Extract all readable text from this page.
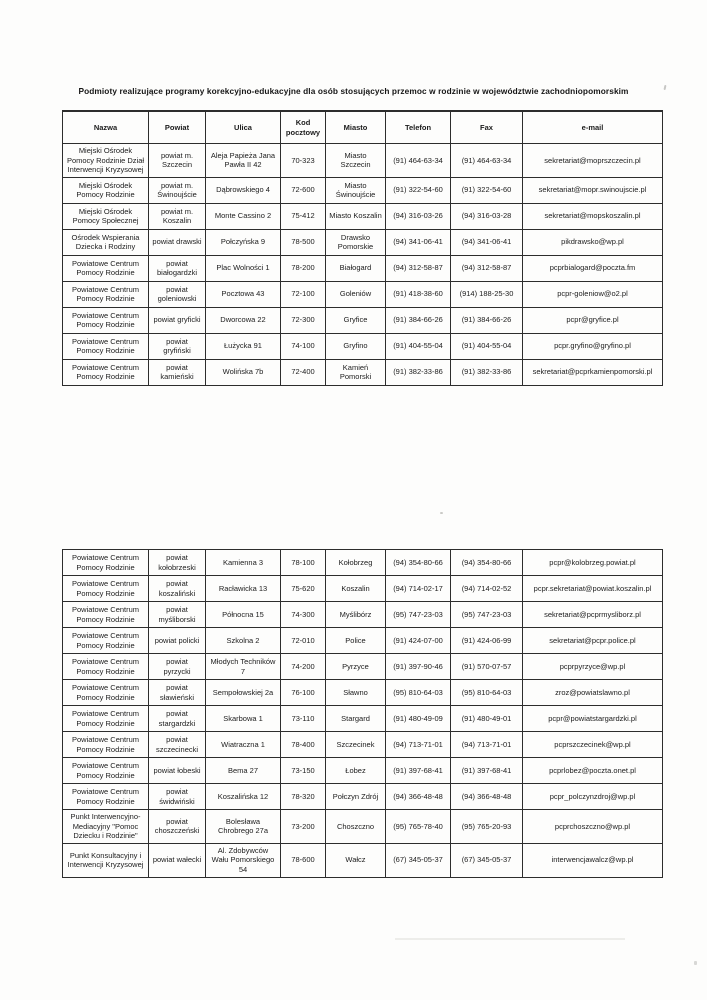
Podmioty realizujące programy korekcyjno-edukacyjne dla osób stosujących przemoc w rodzinie w województwie zachodniopomorskim
Nazwa	Powiat	Ulica	Kod pocztowy	Miasto	Telefon	Fax	e-mail
Miejski Ośrodek Pomocy Rodzinie Dział Interwencji Kryzysowej	powiat m. Szczecin	Aleja Papieża Jana Pawła II 42	70-323	Miasto Szczecin	(91) 464-63-34	(91) 464-63-34	sekretariat@moprszczecin.pl
Miejski Ośrodek Pomocy Rodzinie	powiat m. Świnoujście	Dąbrowskiego 4	72-600	Miasto Świnoujście	(91) 322-54-60	(91) 322-54-60	sekretariat@mopr.swinoujscie.pl
Miejski Ośrodek Pomocy Społecznej	powiat m. Koszalin	Monte Cassino 2	75-412	Miasto Koszalin	(94) 316-03-26	(94) 316-03-28	sekretariat@mopskoszalin.pl
Ośrodek Wspierania Dziecka i Rodziny	powiat drawski	Połczyńska 9	78-500	Drawsko Pomorskie	(94) 341-06-41	(94) 341-06-41	pikdrawsko@wp.pl
Powiatowe Centrum Pomocy Rodzinie	powiat białogardzki	Plac Wolności 1	78-200	Białogard	(94) 312-58-87	(94) 312-58-87	pcprbialogard@poczta.fm
Powiatowe Centrum Pomocy Rodzinie	powiat goleniowski	Pocztowa 43	72-100	Goleniów	(91) 418-38-60	(914) 188-25-30	pcpr-goleniow@o2.pl
Powiatowe Centrum Pomocy Rodzinie	powiat gryficki	Dworcowa 22	72-300	Gryfice	(91) 384-66-26	(91) 384-66-26	pcpr@gryfice.pl
Powiatowe Centrum Pomocy Rodzinie	powiat gryfiński	Łużycka 91	74-100	Gryfino	(91) 404-55-04	(91) 404-55-04	pcpr.gryfino@gryfino.pl
Powiatowe Centrum Pomocy Rodzinie	powiat kamieński	Wolińska 7b	72-400	Kamień Pomorski	(91) 382-33-86	(91) 382-33-86	sekretariat@pcprkamienpomorski.pl
Powiatowe Centrum Pomocy Rodzinie	powiat kołobrzeski	Kamienna 3	78-100	Kołobrzeg	(94) 354-80-66	(94) 354-80-66	pcpr@kolobrzeg.powiat.pl
Powiatowe Centrum Pomocy Rodzinie	powiat koszaliński	Racławicka 13	75-620	Koszalin	(94) 714-02-17	(94) 714-02-52	pcpr.sekretariat@powiat.koszalin.pl
Powiatowe Centrum Pomocy Rodzinie	powiat myśliborski	Północna 15	74-300	Myślibórz	(95) 747-23-03	(95) 747-23-03	sekretariat@pcprmysliborz.pl
Powiatowe Centrum Pomocy Rodzinie	powiat policki	Szkolna 2	72-010	Police	(91) 424-07-00	(91) 424-06-99	sekretariat@pcpr.police.pl
Powiatowe Centrum Pomocy Rodzinie	powiat pyrzycki	Młodych Techników 7	74-200	Pyrzyce	(91) 397-90-46	(91) 570-07-57	pcprpyrzyce@wp.pl
Powiatowe Centrum Pomocy Rodzinie	powiat sławieński	Sempołowskiej 2a	76-100	Sławno	(95) 810-64-03	(95) 810-64-03	zroz@powiatslawno.pl
Powiatowe Centrum Pomocy Rodzinie	powiat stargardzki	Skarbowa 1	73-110	Stargard	(91) 480-49-09	(91) 480-49-01	pcpr@powiatstargardzki.pl
Powiatowe Centrum Pomocy Rodzinie	powiat szczecinecki	Wiatraczna 1	78-400	Szczecinek	(94) 713-71-01	(94) 713-71-01	pcprszczecinek@wp.pl
Powiatowe Centrum Pomocy Rodzinie	powiat łobeski	Bema 27	73-150	Łobez	(91) 397-68-41	(91) 397-68-41	pcprlobez@poczta.onet.pl
Powiatowe Centrum Pomocy Rodzinie	powiat świdwiński	Koszalińska 12	78-320	Połczyn Zdrój	(94) 366-48-48	(94) 366-48-48	pcpr_polczynzdroj@wp.pl
Punkt Interwencyjno-Mediacyjny "Pomoc Dziecku i Rodzinie"	powiat choszczeński	Bolesława Chrobrego 27a	73-200	Choszczno	(95) 765-78-40	(95) 765-20-93	pcprchoszczno@wp.pl
Punkt Konsultacyjny i Interwencji Kryzysowej	powiat wałecki	Al. Zdobywców Wału Pomorskiego 54	78-600	Wałcz	(67) 345-05-37	(67) 345-05-37	interwencjawalcz@wp.pl
